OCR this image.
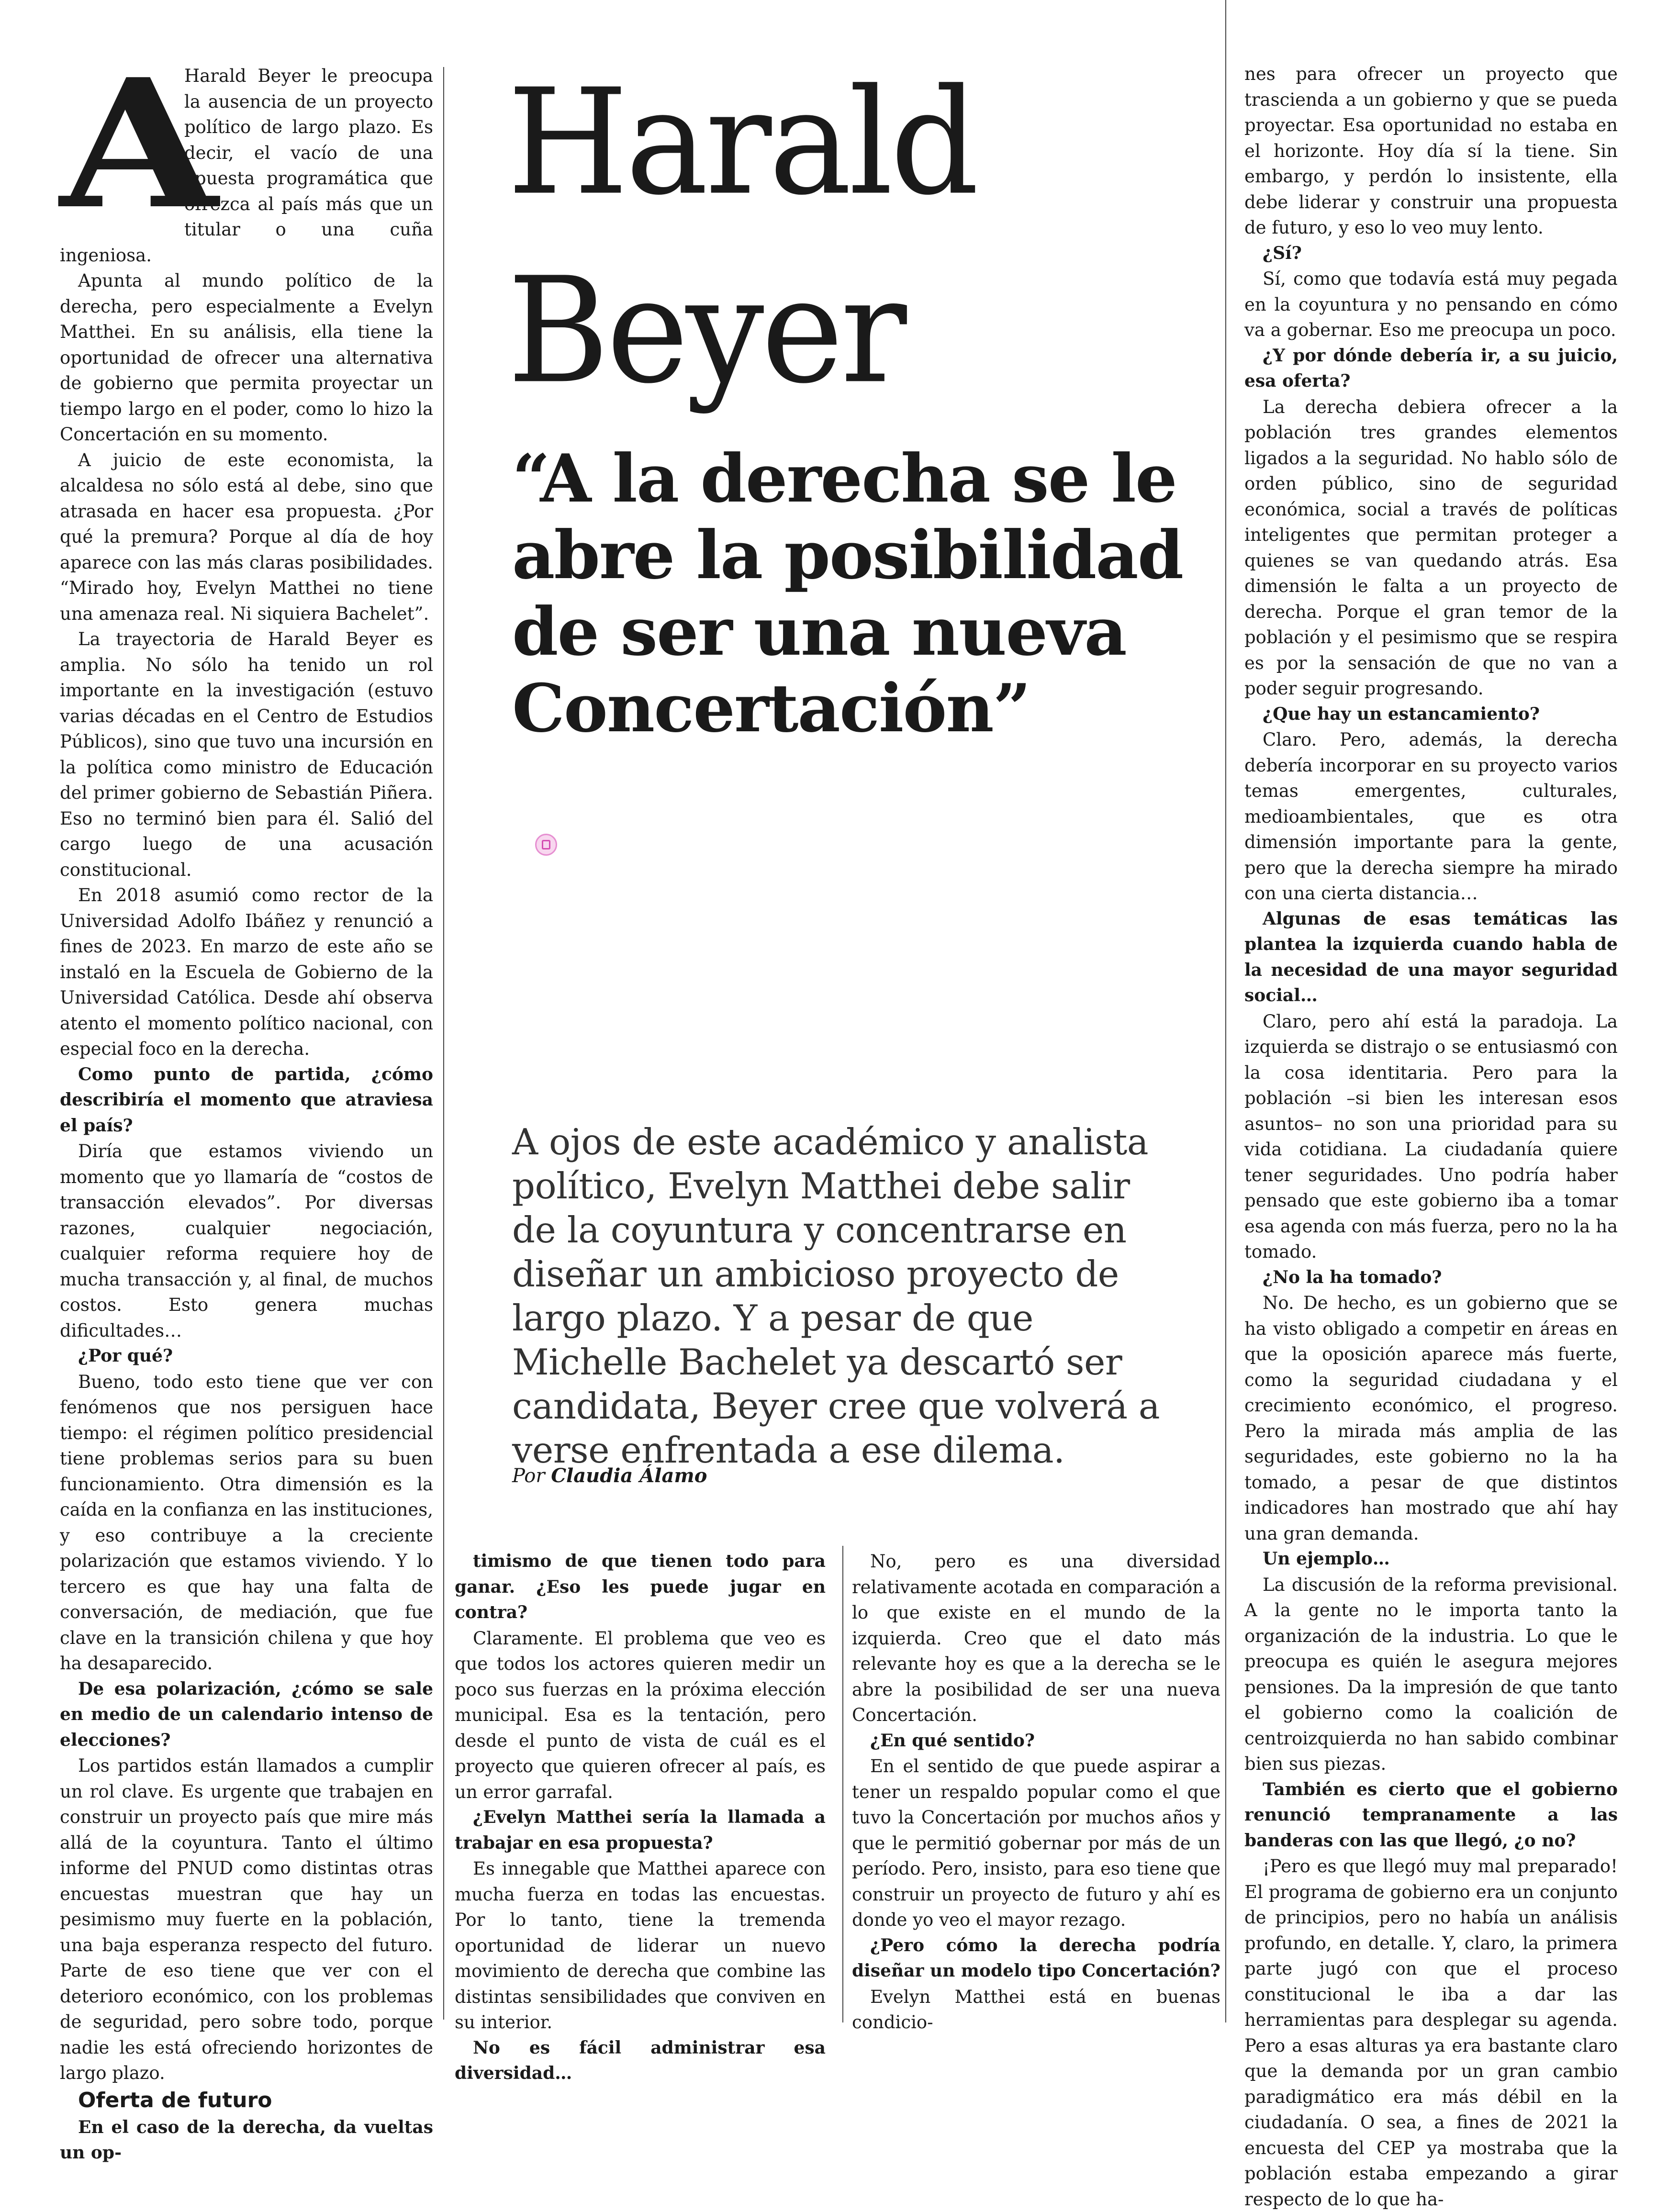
A

Harald Beyer le preocupa la ausencia de un proyecto político de largo plazo. Es decir, el vacío de una apuesta programática que ofrezca al país más que un titular o una cuña ingeniosa.

Apunta al mundo político de la derecha, pero especialmente a Evelyn Matthei. En su análisis, ella tiene la oportunidad de ofrecer una alternativa de gobierno que permita proyectar un tiempo largo en el poder, como lo hizo la Concertación en su momento.

A juicio de este economista, la alcaldesa no sólo está al debe, sino que atrasada en hacer esa propuesta. ¿Por qué la premura? Porque al día de hoy aparece con las más claras posibilidades. “Mirado hoy, Evelyn Matthei no tiene una amenaza real. Ni siquiera Bachelet”.

La trayectoria de Harald Beyer es amplia. No sólo ha tenido un rol importante en la investigación (estuvo varias décadas en el Centro de Estudios Públicos), sino que tuvo una incursión en la política como ministro de Educación del primer gobierno de Sebastián Piñera. Eso no terminó bien para él. Salió del cargo luego de una acusación constitucional.

En 2018 asumió como rector de la Universidad Adolfo Ibáñez y renunció a fines de 2023. En marzo de este año se instaló en la Escuela de Gobierno de la Universidad Católica. Desde ahí observa atento el momento político nacional, con especial foco en la derecha.

Como punto de partida, ¿cómo describiría el momento que atraviesa el país?

Diría que estamos viviendo un momento que yo llamaría de “costos de transacción elevados”. Por diversas razones, cualquier negociación, cualquier reforma requiere hoy de mucha transacción y, al final, de muchos costos. Esto genera muchas dificultades…

¿Por qué?

Bueno, todo esto tiene que ver con fenómenos que nos persiguen hace tiempo: el régimen político presidencial tiene problemas serios para su buen funcionamiento. Otra dimensión es la caída en la confianza en las instituciones, y eso contribuye a la creciente polarización que estamos viviendo. Y lo tercero es que hay una falta de conversación, de mediación, que fue clave en la transición chilena y que hoy ha desaparecido.

De esa polarización, ¿cómo se sale en medio de un calendario intenso de elecciones?

Los partidos están llamados a cumplir un rol clave. Es urgente que trabajen en construir un proyecto país que mire más allá de la coyuntura. Tanto el último informe del PNUD como distintas otras encuestas muestran que hay un pesimismo muy fuerte en la población, una baja esperanza respecto del futuro. Parte de eso tiene que ver con el deterioro económico, con los problemas de seguridad, pero sobre todo, porque nadie les está ofreciendo horizontes de largo plazo.

Oferta de futuro

En el caso de la derecha, da vueltas un op-

Harald Beyer
“A la derecha se le abre la posibilidad de ser una nueva Concertación”
A ojos de este académico y analista político, Evelyn Matthei debe salir de la coyuntura y concentrarse en diseñar un ambicioso proyecto de largo plazo. Y a pesar de que Michelle Bachelet ya descartó ser candidata, Beyer cree que volverá a verse enfrentada a ese dilema.
Por Claudia Álamo

timismo de que tienen todo para ganar. ¿Eso les puede jugar en contra?

Claramente. El problema que veo es que todos los actores quieren medir un poco sus fuerzas en la próxima elección municipal. Esa es la tentación, pero desde el punto de vista de cuál es el proyecto que quieren ofrecer al país, es un error garrafal.

¿Evelyn Matthei sería la llamada a trabajar en esa propuesta?

Es innegable que Matthei aparece con mucha fuerza en todas las encuestas. Por lo tanto, tiene la tremenda oportunidad de liderar un nuevo movimiento de derecha que combine las distintas sensibilidades que conviven en su interior.

No es fácil administrar esa diversidad…

No, pero es una diversidad relativamente acotada en comparación a lo que existe en el mundo de la izquierda. Creo que el dato más relevante hoy es que a la derecha se le abre la posibilidad de ser una nueva Concertación.

¿En qué sentido?

En el sentido de que puede aspirar a tener un respaldo popular como el que tuvo la Concertación por muchos años y que le permitió gobernar por más de un período. Pero, insisto, para eso tiene que construir un proyecto de futuro y ahí es donde yo veo el mayor rezago.

¿Pero cómo la derecha podría diseñar un modelo tipo Concertación?

Evelyn Matthei está en buenas condicio-

nes para ofrecer un proyecto que trascienda a un gobierno y que se pueda proyectar. Esa oportunidad no estaba en el horizonte. Hoy día sí la tiene. Sin embargo, y perdón lo insistente, ella debe liderar y construir una propuesta de futuro, y eso lo veo muy lento.

¿Sí?

Sí, como que todavía está muy pegada en la coyuntura y no pensando en cómo va a gobernar. Eso me preocupa un poco.

¿Y por dónde debería ir, a su juicio, esa oferta?

La derecha debiera ofrecer a la población tres grandes elementos ligados a la seguridad. No hablo sólo de orden público, sino de seguridad económica, social a través de políticas inteligentes que permitan proteger a quienes se van quedando atrás. Esa dimensión le falta a un proyecto de derecha. Porque el gran temor de la población y el pesimismo que se respira es por la sensación de que no van a poder seguir progresando.

¿Que hay un estancamiento?

Claro. Pero, además, la derecha debería incorporar en su proyecto varios temas emergentes, culturales, medioambientales, que es otra dimensión importante para la gente, pero que la derecha siempre ha mirado con una cierta distancia…

Algunas de esas temáticas las plantea la izquierda cuando habla de la necesidad de una mayor seguridad social…

Claro, pero ahí está la paradoja. La izquierda se distrajo o se entusiasmó con la cosa identitaria. Pero para la población –si bien les interesan esos asuntos– no son una prioridad para su vida cotidiana. La ciudadanía quiere tener seguridades. Uno podría haber pensado que este gobierno iba a tomar esa agenda con más fuerza, pero no la ha tomado.

¿No la ha tomado?

No. De hecho, es un gobierno que se ha visto obligado a competir en áreas en que la oposición aparece más fuerte, como la seguridad ciudadana y el crecimiento económico, el progreso. Pero la mirada más amplia de las seguridades, este gobierno no la ha tomado, a pesar de que distintos indicadores han mostrado que ahí hay una gran demanda.

Un ejemplo…

La discusión de la reforma previsional. A la gente no le importa tanto la organización de la industria. Lo que le preocupa es quién le asegura mejores pensiones. Da la impresión de que tanto el gobierno como la coalición de centroizquierda no han sabido combinar bien sus piezas.

También es cierto que el gobierno renunció tempranamente a las banderas con las que llegó, ¿o no?

¡Pero es que llegó muy mal preparado! El programa de gobierno era un conjunto de principios, pero no había un análisis profundo, en detalle. Y, claro, la primera parte jugó con que el proceso constitucional le iba a dar las herramientas para desplegar su agenda. Pero a esas alturas ya era bastante claro que la demanda por un gran cambio paradigmático era más débil en la ciudadanía. O sea, a fines de 2021 la encuesta del CEP ya mostraba que la población estaba empezando a girar respecto de lo que ha-
